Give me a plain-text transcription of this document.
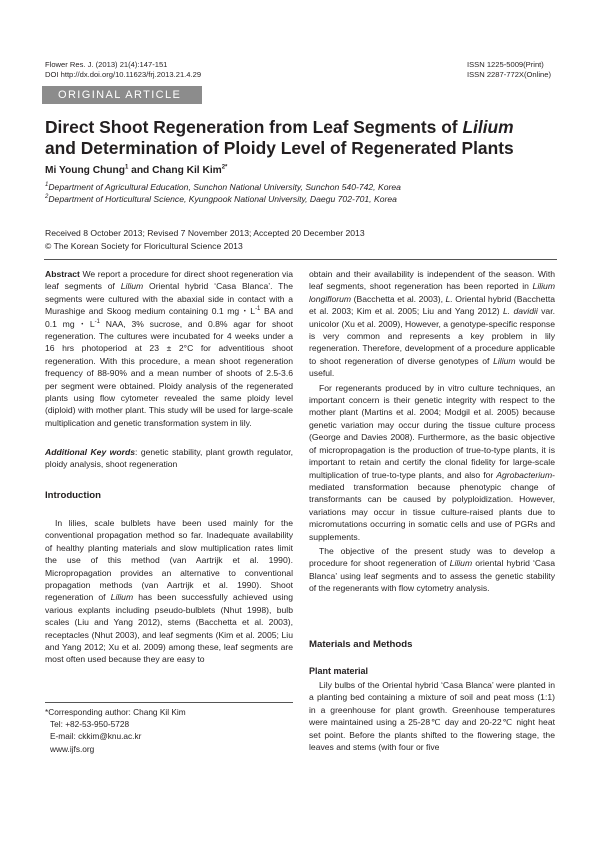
Flower Res. J. (2013) 21(4):147-151
DOI http://dx.doi.org/10.11623/frj.2013.21.4.29
ISSN 1225-5009(Print)
ISSN 2287-772X(Online)
ORIGINAL ARTICLE
Direct Shoot Regeneration from Leaf Segments of Lilium
and Determination of Ploidy Level of Regenerated Plants
Mi Young Chung$^1$ and Chang Kil Kim$^{2*}$
$^1$Department of Agricultural Education, Sunchon National University, Sunchon 540-742, Korea
$^2$Department of Horticultural Science, Kyungpook National University, Daegu 702-701, Korea
Received 8 October 2013; Revised 7 November 2013; Accepted 20 December 2013
© The Korean Society for Floricultural Science 2013

Abstract We report a procedure for direct shoot regeneration via leaf segments of Lilium Oriental hybrid ‘Casa Blanca’. The segments were cultured with the abaxial side in contact with a Murashige and Skoog medium containing 0.1 mg・$L^{-1}$ BA and 0.1 mg・$L^{-1}$ NAA, 3% sucrose, and 0.8% agar for shoot regeneration. The cultures were incubated for 4 weeks under a 16 hrs photoperiod at 23 ± 2°C for adventitious shoot regeneration. With this procedure, a mean shoot regeneration frequency of 88-90% and a mean number of shoots of 2.5-3.6 per segment were obtained. Ploidy analysis of the regenerated plants using flow cytometer revealed the same ploidy level (diploid) with mother plant. This study will be used for large-scale multiplication and genetic transformation system in lily.

Additional Key words: genetic stability, plant growth regulator, ploidy analysis, shoot regeneration

Introduction

In lilies, scale bulblets have been used mainly for the conventional propagation method so far. Inadequate availability of healthy planting materials and slow multiplication rates limit the use of this method (van Aartrijk et al. 1990). Micropropagation provides an alternative to conventional propagation methods (van Aartrijk et al. 1990). Shoot regeneration of Lilium has been successfully achieved using various explants including pseudo-bulblets (Nhut 1998), bulb scales (Liu and Yang 2012), stems (Bacchetta et al. 2003), receptacles (Nhut 2003), and leaf segments (Kim et al. 2005; Liu and Yang 2012; Xu et al. 2009) among these, leaf segments are most often used because they are easy to

*Corresponding author: Chang Kil Kim
Tel: +82-53-950-5728
E-mail: ckkim@knu.ac.kr
www.ijfs.org

obtain and their availability is independent of the season. With leaf segments, shoot regeneration has been reported in Lilium longiflorum (Bacchetta et al. 2003), L. Oriental hybrid (Bacchetta et al. 2003; Kim et al. 2005; Liu and Yang 2012) L. davidii var. unicolor (Xu et al. 2009), However, a genotype-specific response is very common and represents a key problem in lily regeneration. Therefore, development of a procedure applicable to shoot regeneration of diverse genotypes of Lilium would be useful.

For regenerants produced by in vitro culture techniques, an important concern is their genetic integrity with respect to the mother plant (Martins et al. 2004; Modgil et al. 2005) because genetic variation may occur during the tissue culture process (George and Davies 2008). Furthermore, as the basic objective of micropropagation is the production of true-to-type plants, it is important to retain and certify the clonal fidelity for large-scale multiplication of true-to-type plants, and also for Agrobacterium-mediated transformation because phenotypic change of transformants can be caused by polyploidization. However, variations may occur in tissue culture-raised plants due to micromutations occurring in somatic cells and use of PGRs and supplements.

The objective of the present study was to develop a procedure for shoot regeneration of Lilium oriental hybrid ‘Casa Blanca’ using leaf segments and to assess the genetic stability of the regenerants with flow cytometry analysis.

Materials and Methods
Plant material

Lily bulbs of the Oriental hybrid ‘Casa Blanca’ were planted in a planting bed containing a mixture of soil and peat moss (1:1) in a greenhouse for plant growth. Greenhouse temperatures were maintained using a 25-28℃ day and 20-22℃ night heat set point. Before the plants shifted to the flowering stage, the leaves and stems (with four or five
